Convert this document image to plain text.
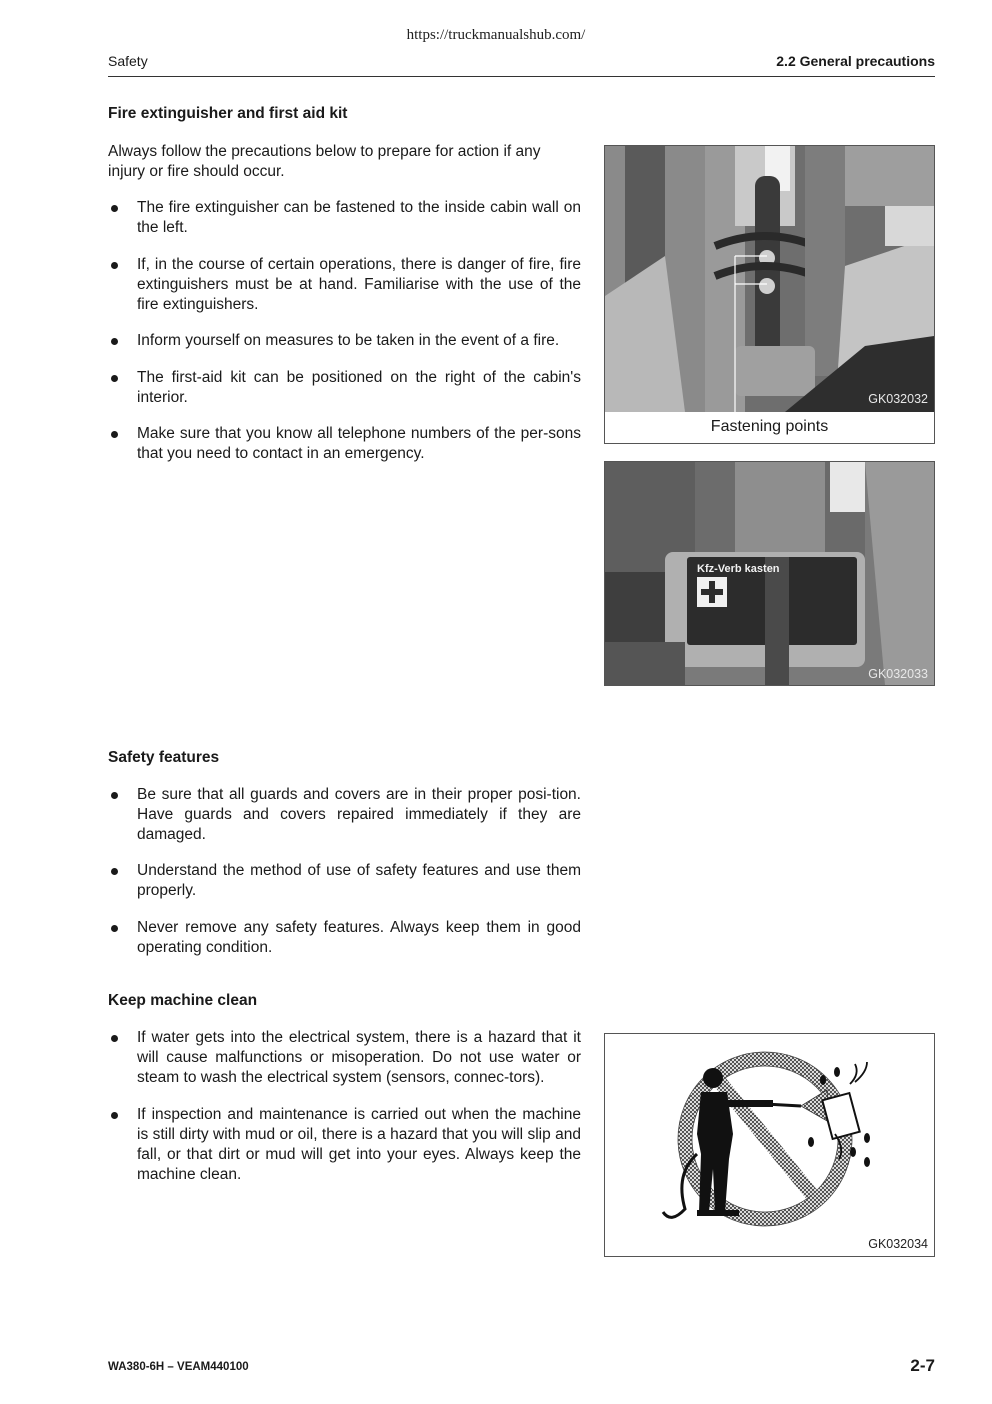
https://truckmanualshub.com/
Safety	2.2 General precautions
Fire extinguisher and first aid kit

Always follow the precautions below to prepare for action if any injury or fire should occur.

The fire extinguisher can be fastened to the inside cabin wall on the left.
If, in the course of certain operations, there is danger of fire, fire extinguishers must be at hand. Familiarise with the use of the fire extinguishers.
Inform yourself on measures to be taken in the event of a fire.
The first-aid kit can be positioned on the right of the cabin's interior.
Make sure that you know all telephone numbers of the per-sons that you need to contact in an emergency.
GK032032
Fastening points
Kfz-Verb kasten
GK032033
Safety features
Be sure that all guards and covers are in their proper posi-tion. Have guards and covers repaired immediately if they are damaged.
Understand the method of use of safety features and use them properly.
Never remove any safety features. Always keep them in good operating condition.
Keep machine clean
If water gets into the electrical system, there is a hazard that it will cause malfunctions or misoperation. Do not use water or steam to wash the electrical system (sensors, connec-tors).
If inspection and maintenance is carried out when the machine is still dirty with mud or oil, there is a hazard that you will slip and fall, or that dirt or mud will get into your eyes. Always keep the machine clean.
GK032034
WA380-6H – VEAM440100	2-7
